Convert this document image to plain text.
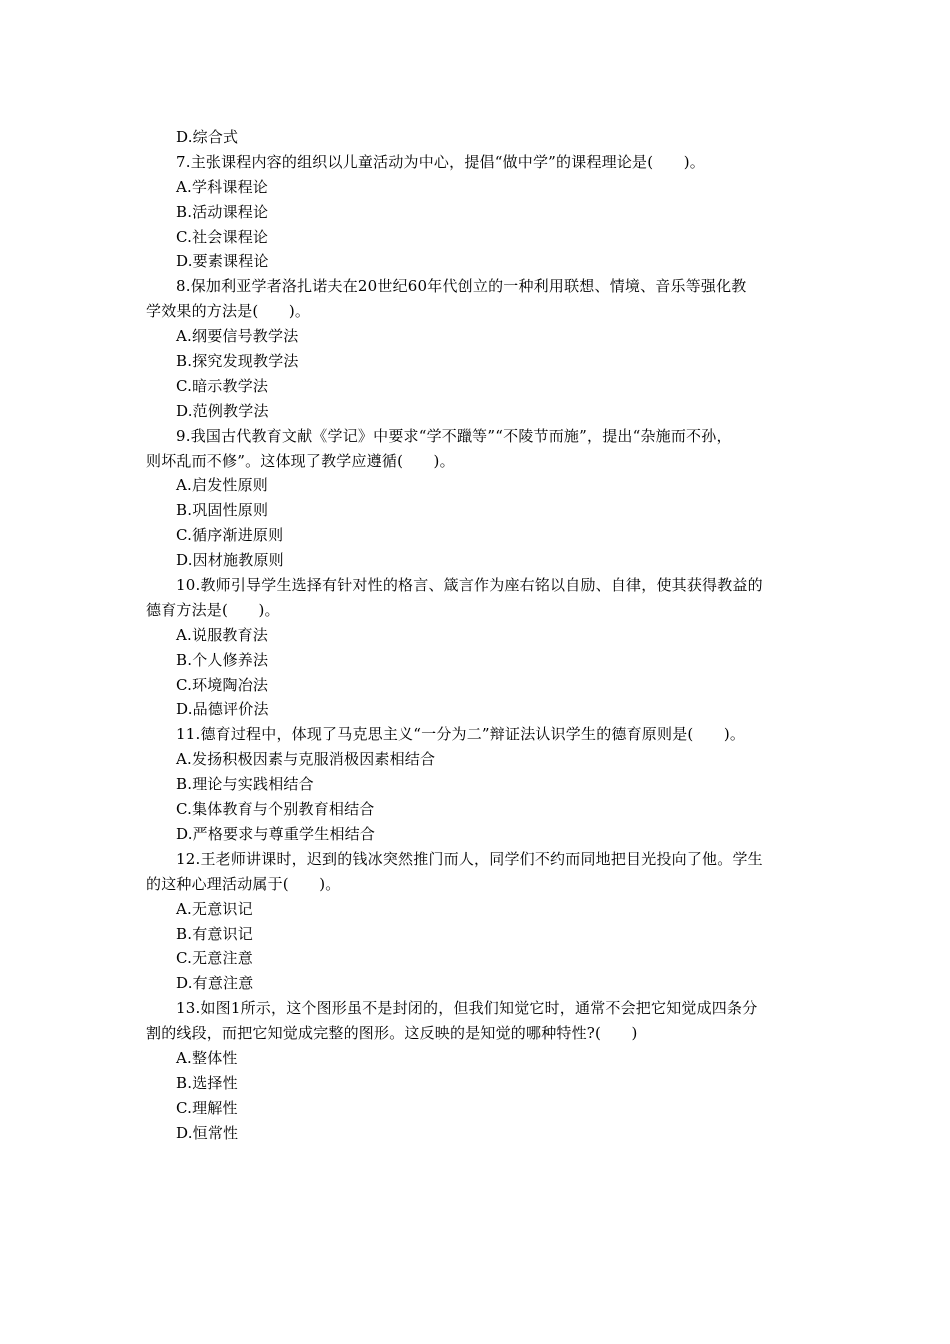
D.综合式
7.主张课程内容的组织以儿童活动为中心，提倡“做中学”的课程理论是(　　)。
A.学科课程论
B.活动课程论
C.社会课程论
D.要素课程论
8.保加利亚学者洛扎诺夫在20世纪60年代创立的一种利用联想、情境、音乐等强化教
学效果的方法是(　　)。
A.纲要信号教学法
B.探究发现教学法
C.暗示教学法
D.范例教学法
9.我国古代教育文献《学记》中要求“学不躐等”“不陵节而施”，提出“杂施而不孙，
则坏乱而不修”。这体现了教学应遵循(　　)。
A.启发性原则
B.巩固性原则
C.循序渐进原则
D.因材施教原则
10.教师引导学生选择有针对性的格言、箴言作为座右铭以自励、自律，使其获得教益的
德育方法是(　　)。
A.说服教育法
B.个人修养法
C.环境陶冶法
D.品德评价法
11.德育过程中，体现了马克思主义“一分为二”辩证法认识学生的德育原则是(　　)。
A.发扬积极因素与克服消极因素相结合
B.理论与实践相结合
C.集体教育与个别教育相结合
D.严格要求与尊重学生相结合
12.王老师讲课时，迟到的钱冰突然推门而人，同学们不约而同地把目光投向了他。学生
的这种心理活动属于(　　)。
A.无意识记
B.有意识记
C.无意注意
D.有意注意
13.如图1所示，这个图形虽不是封闭的，但我们知觉它时，通常不会把它知觉成四条分
割的线段，而把它知觉成完整的图形。这反映的是知觉的哪种特性?(　　)
A.整体性
B.选择性
C.理解性
D.恒常性
